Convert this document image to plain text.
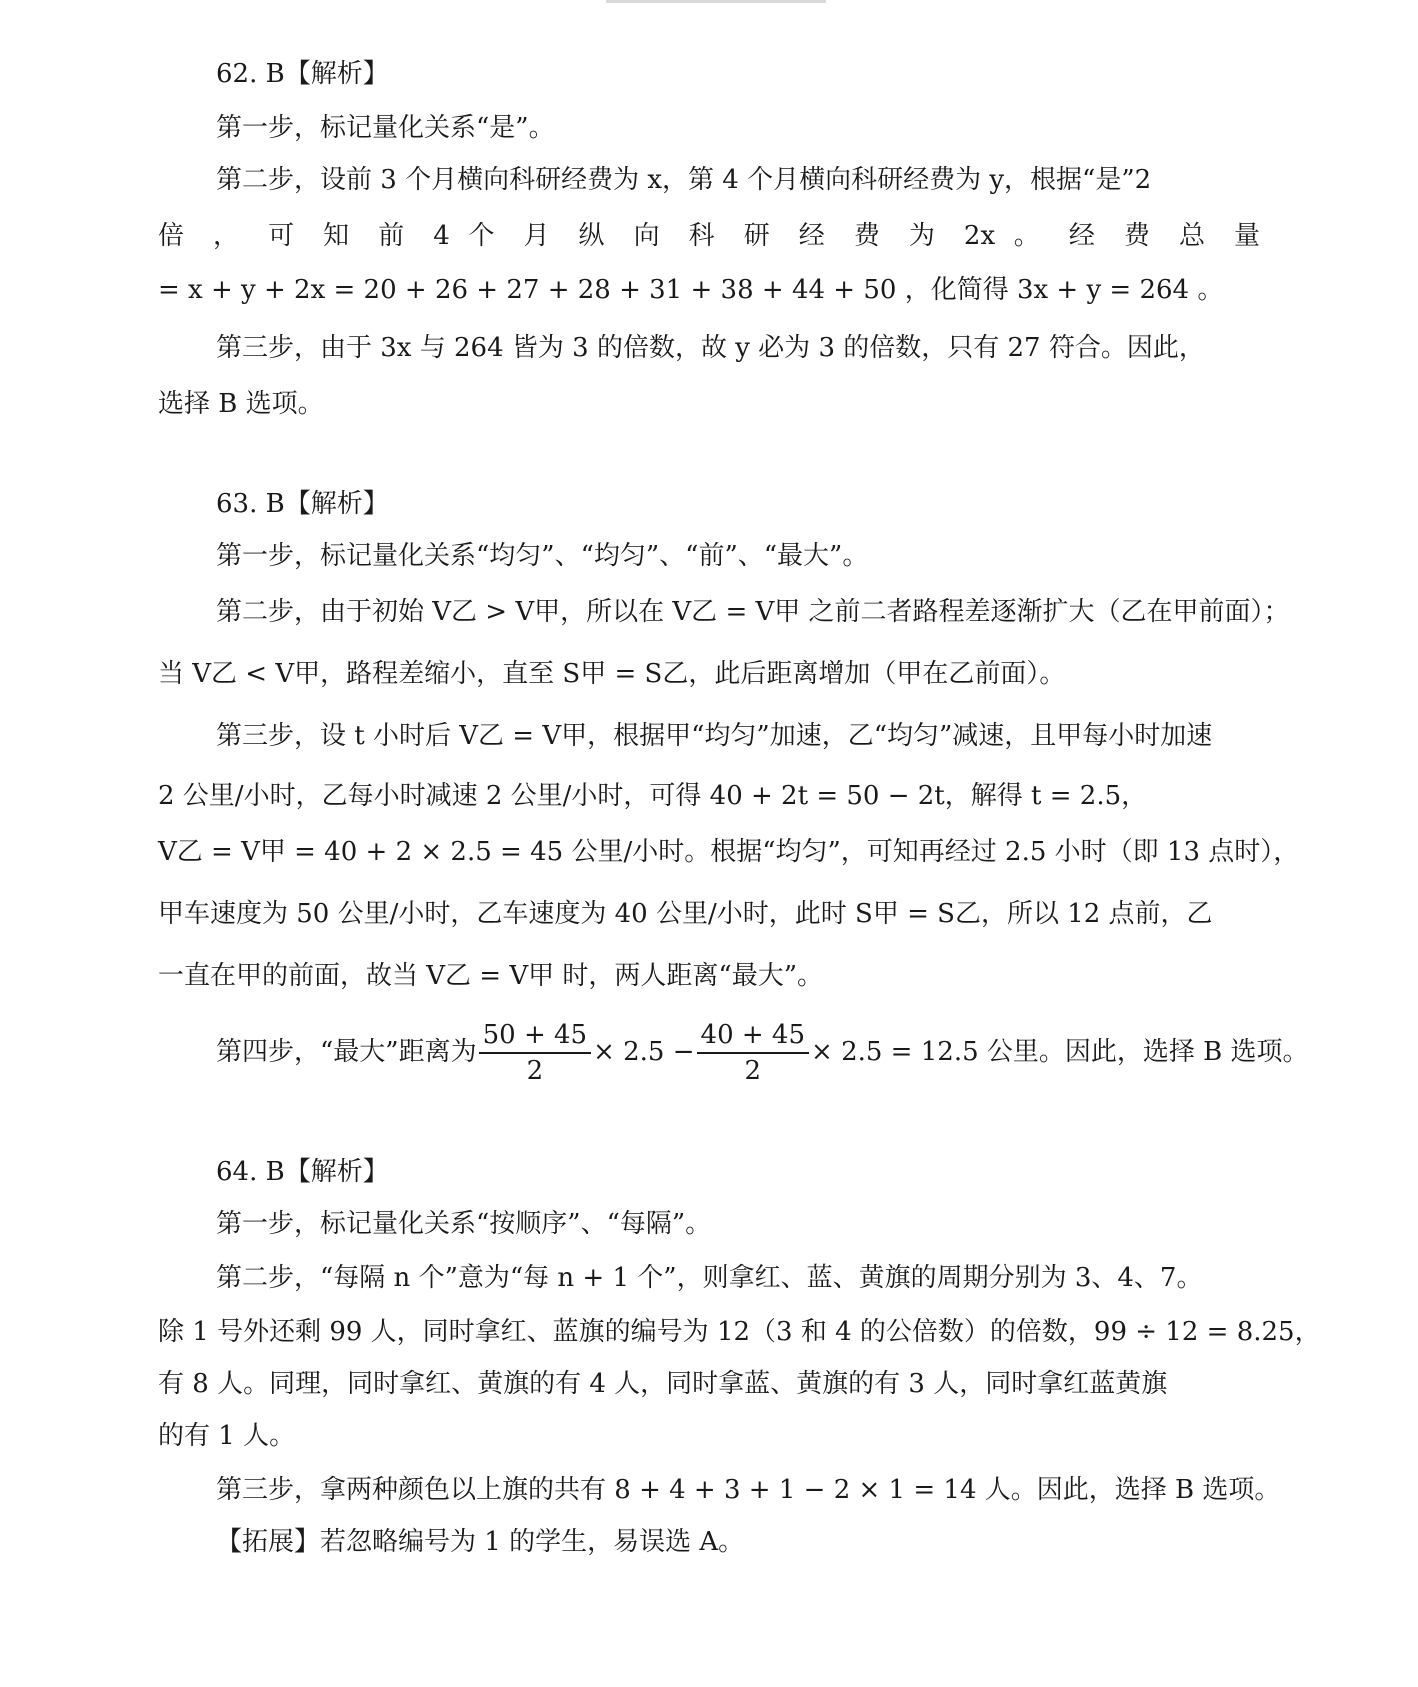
62. B【解析】
第一步，标记量化关系“是”。
第二步，设前 3 个月横向科研经费为 x，第 4 个月横向科研经费为 y，根据“是”2
倍 ， 可 知 前 4 个 月 纵 向 科 研 经 费 为 2x 。 经 费 总 量
= x + y + 2x = 20 + 26 + 27 + 28 + 31 + 38 + 44 + 50 ，化简得 3x + y = 264 。
第三步，由于 3x 与 264 皆为 3 的倍数，故 y 必为 3 的倍数，只有 27 符合。因此，
选择 B 选项。
63. B【解析】
第一步，标记量化关系“均匀”、“均匀”、“前”、“最大”。
第二步，由于初始 V乙 > V甲，所以在 V乙 = V甲 之前二者路程差逐渐扩大（乙在甲前面）；
当 V乙 < V甲，路程差缩小，直至 S甲 = S乙，此后距离增加（甲在乙前面）。
第三步，设 t 小时后 V乙 = V甲，根据甲“均匀”加速，乙“均匀”减速，且甲每小时加速
2 公里/小时，乙每小时减速 2 公里/小时，可得 40 + 2t = 50 − 2t，解得 t = 2.5，
V乙 = V甲 = 40 + 2 × 2.5 = 45 公里/小时。根据“均匀”，可知再经过 2.5 小时（即 13 点时），
甲车速度为 50 公里/小时，乙车速度为 40 公里/小时，此时 S甲 = S乙，所以 12 点前，乙
一直在甲的前面，故当 V乙 = V甲 时，两人距离“最大”。
第四步，“最大”距离为 $\frac{50 + 45}{2} \times 2.5 - \frac{40 + 45}{2} \times 2.5 = 12.5$ 公里。因此，选择 B 选项。
64. B【解析】
第一步，标记量化关系“按顺序”、“每隔”。
第二步，“每隔 n 个”意为“每 n + 1 个”，则拿红、蓝、黄旗的周期分别为 3、4、7。
除 1 号外还剩 99 人，同时拿红、蓝旗的编号为 12（3 和 4 的公倍数）的倍数，99 ÷ 12 = 8.25，
有 8 人。同理，同时拿红、黄旗的有 4 人，同时拿蓝、黄旗的有 3 人，同时拿红蓝黄旗
的有 1 人。
第三步，拿两种颜色以上旗的共有 8 + 4 + 3 + 1 − 2 × 1 = 14 人。因此，选择 B 选项。
【拓展】若忽略编号为 1 的学生，易误选 A。
